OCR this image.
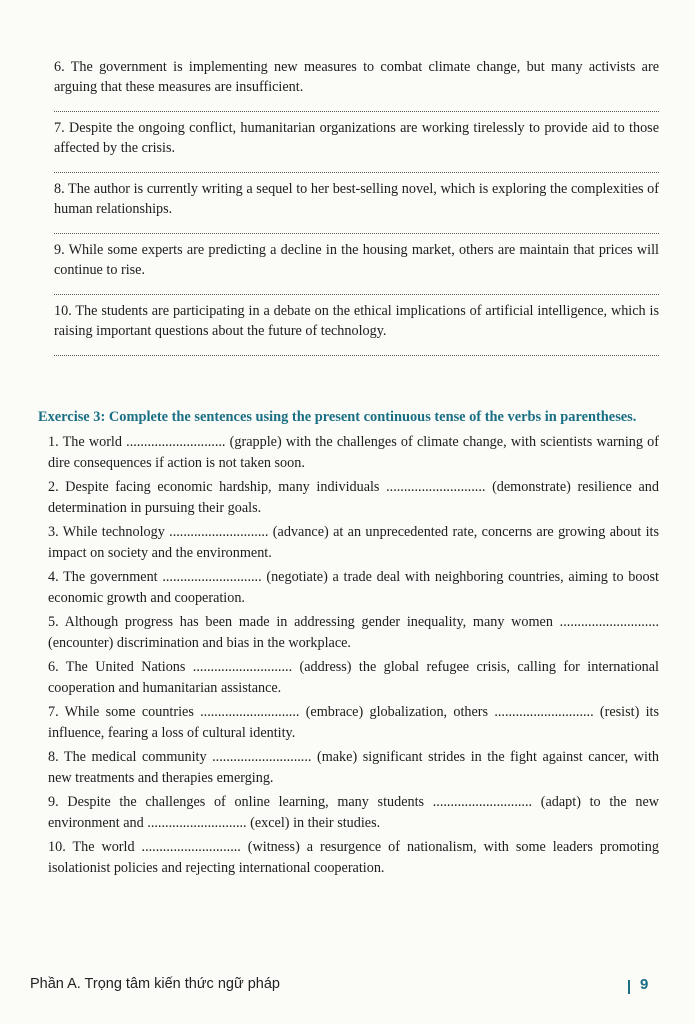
6. The government is implementing new measures to combat climate change, but many activists are arguing that these measures are insufficient.
7. Despite the ongoing conflict, humanitarian organizations are working tirelessly to provide aid to those affected by the crisis.
8. The author is currently writing a sequel to her best-selling novel, which is exploring the complexities of human relationships.
9. While some experts are predicting a decline in the housing market, others are maintain that prices will continue to rise.
10. The students are participating in a debate on the ethical implications of artificial intelligence, which is raising important questions about the future of technology.
Exercise 3: Complete the sentences using the present continuous tense of the verbs in parentheses.

1. The world ............................ (grapple) with the challenges of climate change, with scientists warning of dire consequences if action is not taken soon.

2. Despite facing economic hardship, many individuals ............................ (demonstrate) resilience and determination in pursuing their goals.

3. While technology ............................ (advance) at an unprecedented rate, concerns are growing about its impact on society and the environment.

4. The government ............................ (negotiate) a trade deal with neighboring countries, aiming to boost economic growth and cooperation.

5. Although progress has been made in addressing gender inequality, many women ............................ (encounter) discrimination and bias in the workplace.

6. The United Nations ............................ (address) the global refugee crisis, calling for international cooperation and humanitarian assistance.

7. While some countries ............................ (embrace) globalization, others ............................ (resist) its influence, fearing a loss of cultural identity.

8. The medical community ............................ (make) significant strides in the fight against cancer, with new treatments and therapies emerging.

9. Despite the challenges of online learning, many students ............................ (adapt) to the new environment and ............................ (excel) in their studies.

10. The world ............................ (witness) a resurgence of nationalism, with some leaders promoting isolationist policies and rejecting international cooperation.

Phần A. Trọng tâm kiến thức ngữ pháp	9
